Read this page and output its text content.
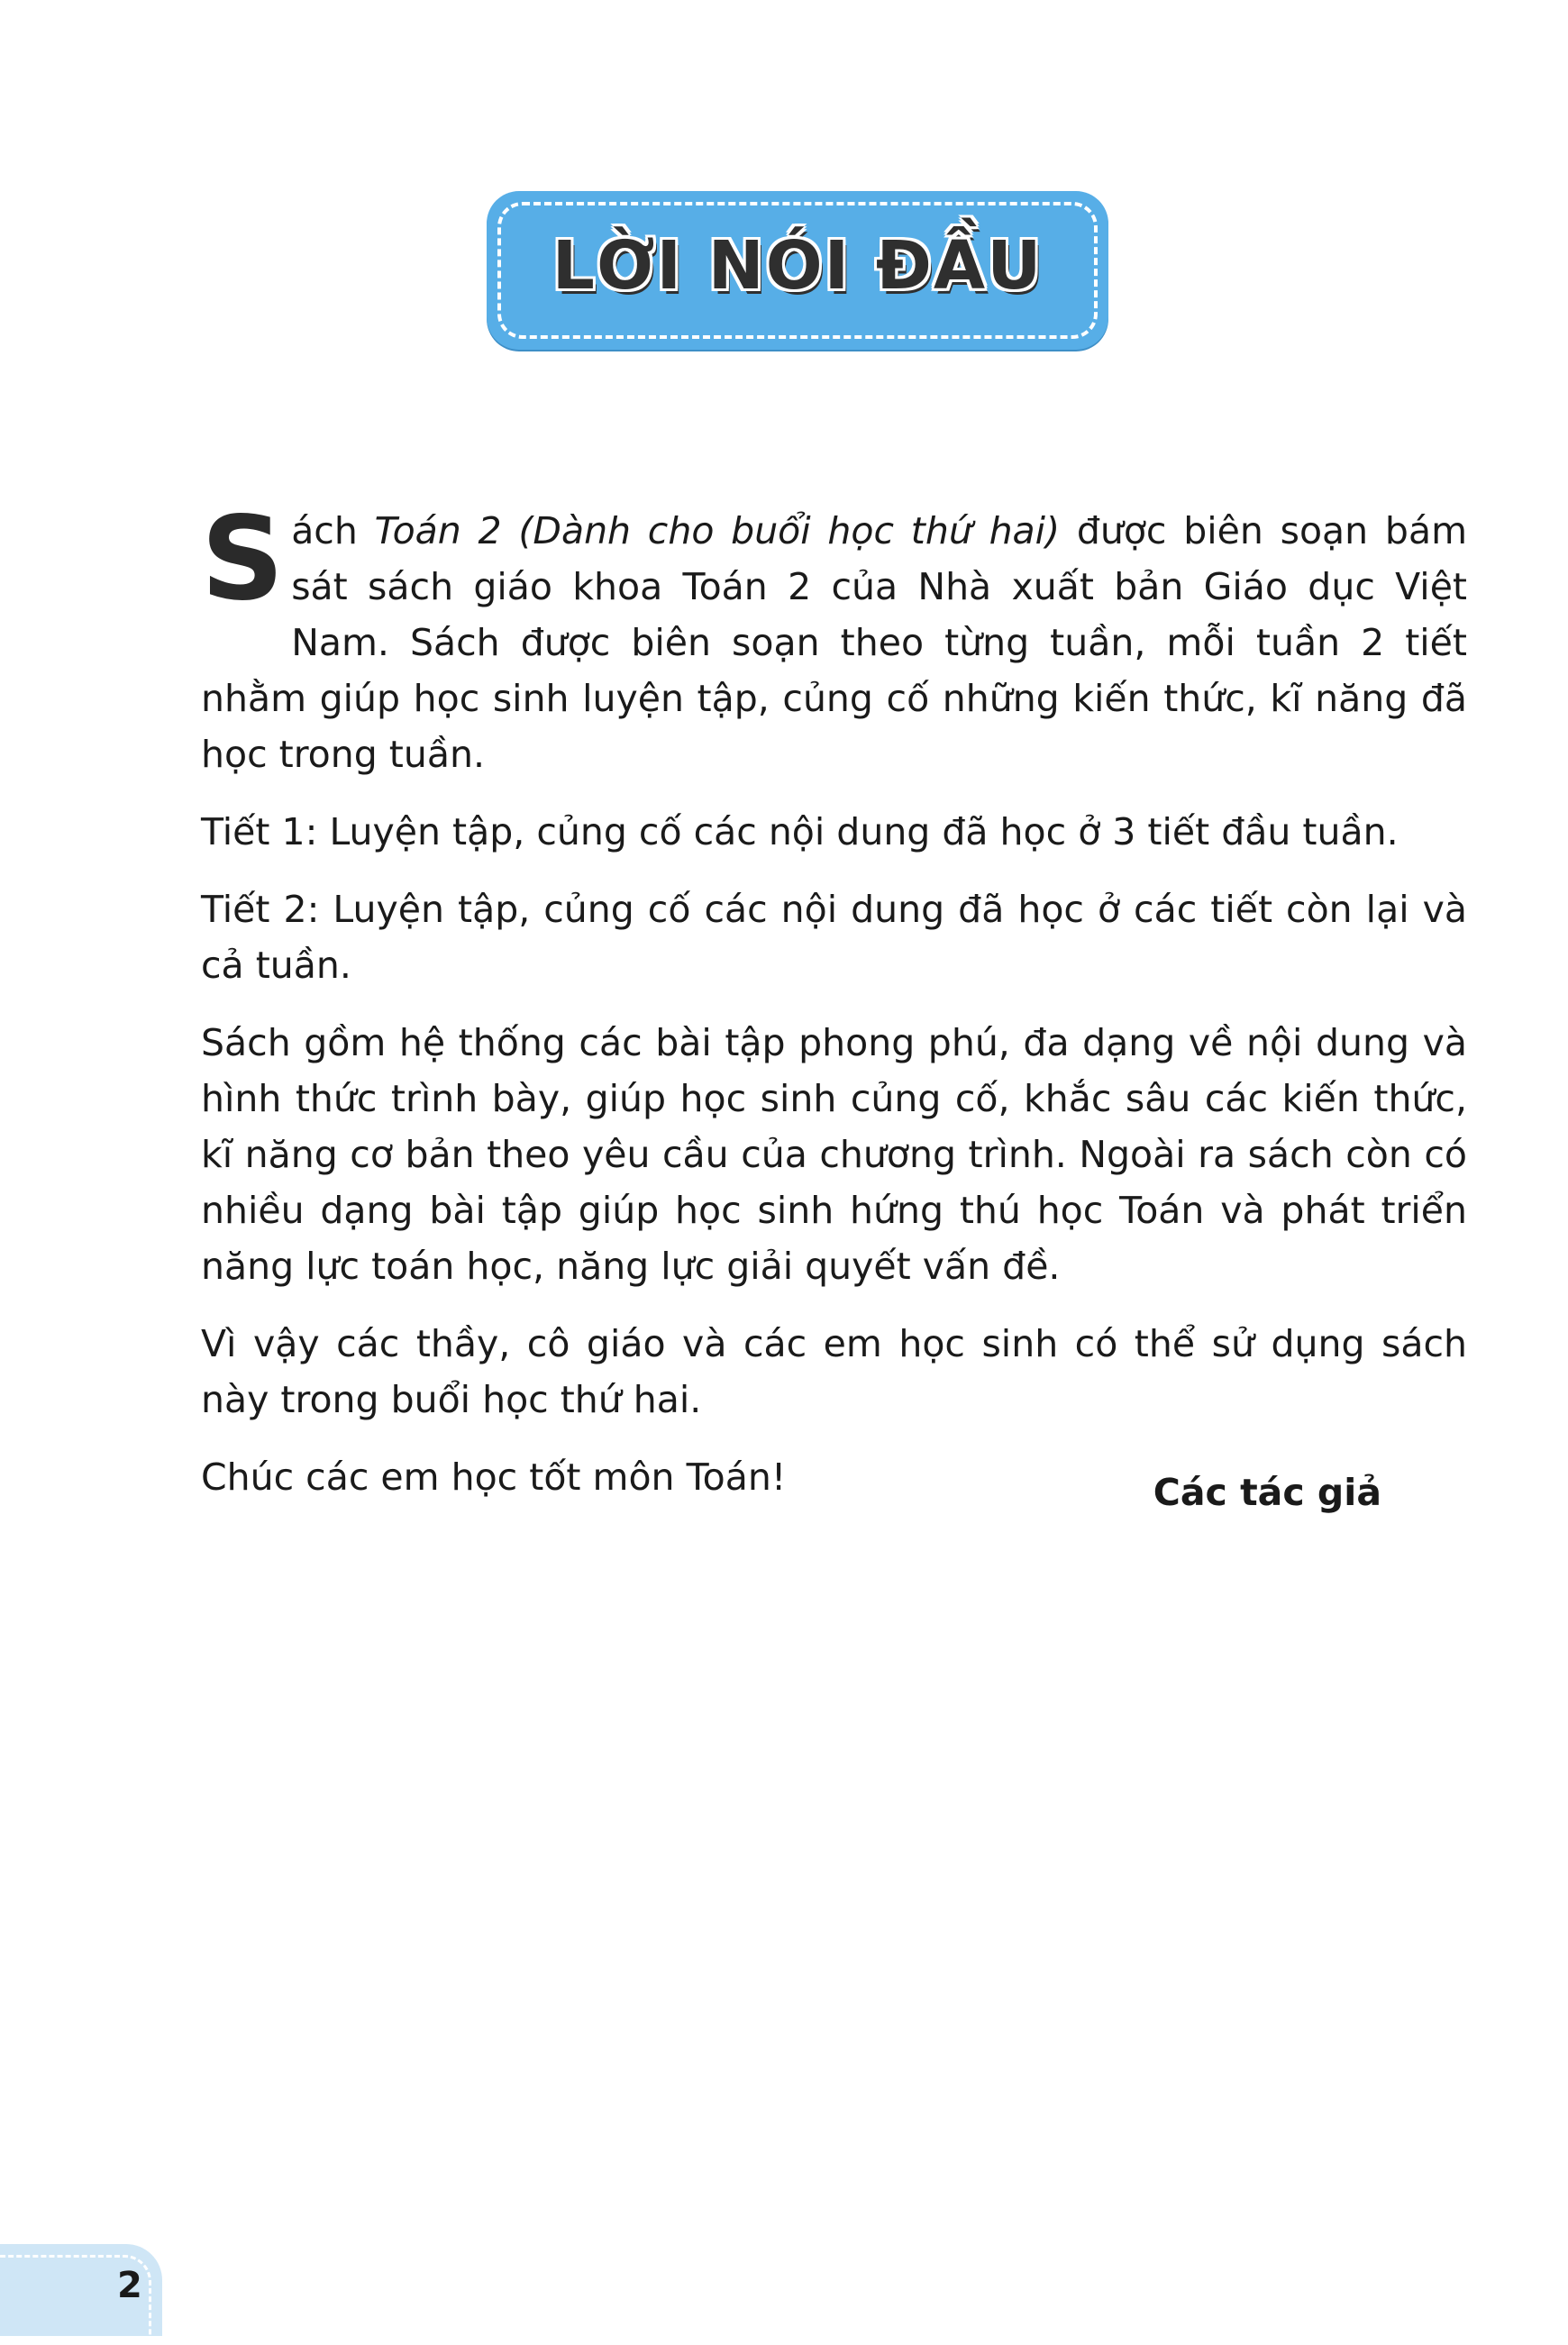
LỜI NÓI ĐẦU

Sách Toán 2 (Dành cho buổi học thứ hai) được biên soạn bám sát sách giáo khoa Toán 2 của Nhà xuất bản Giáo dục Việt Nam. Sách được biên soạn theo từng tuần, mỗi tuần 2 tiết nhằm giúp học sinh luyện tập, củng cố những kiến thức, kĩ năng đã học trong tuần.

Tiết 1: Luyện tập, củng cố các nội dung đã học ở 3 tiết đầu tuần.

Tiết 2: Luyện tập, củng cố các nội dung đã học ở các tiết còn lại và cả tuần.

Sách gồm hệ thống các bài tập phong phú, đa dạng về nội dung và hình thức trình bày, giúp học sinh củng cố, khắc sâu các kiến thức, kĩ năng cơ bản theo yêu cầu của chương trình. Ngoài ra sách còn có nhiều dạng bài tập giúp học sinh hứng thú học Toán và phát triển năng lực toán học, năng lực giải quyết vấn đề.

Vì vậy các thầy, cô giáo và các em học sinh có thể sử dụng sách này trong buổi học thứ hai.

Chúc các em học tốt môn Toán!	Các tác giả
2
